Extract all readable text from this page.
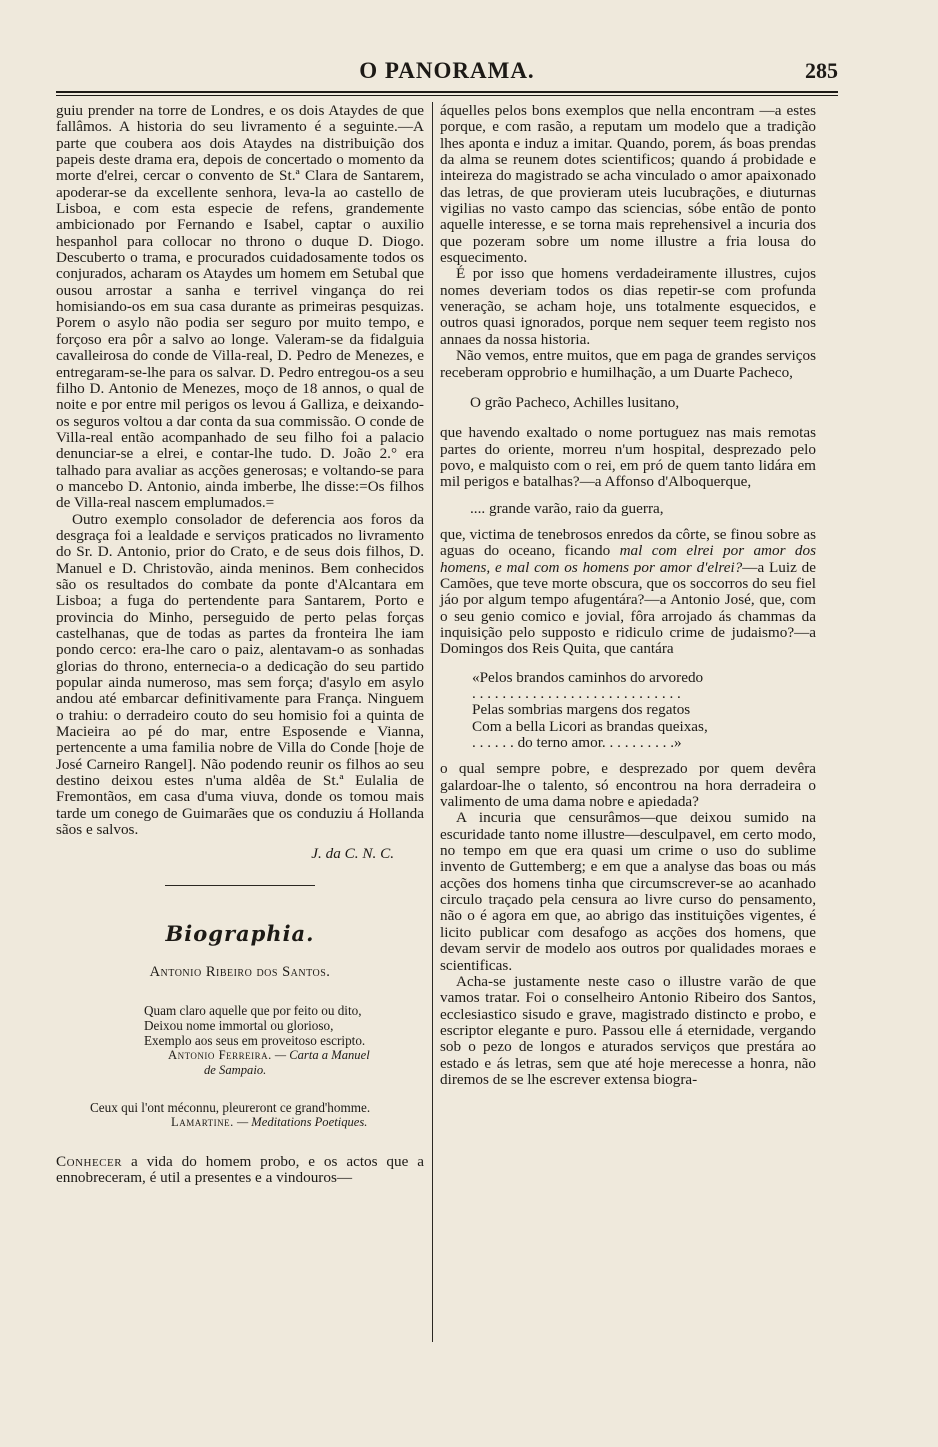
O PANORAMA.	285

guiu prender na torre de Londres, e os dois Ataydes de que fallâmos. A historia do seu livramento é a seguinte.—A parte que coubera aos dois Ataydes na distribuição dos papeis deste drama era, depois de concertado o momento da morte d'elrei, cercar o convento de St.ª Clara de Santarem, apoderar-se da excellente senhora, leva-la ao castello de Lisboa, e com esta especie de refens, grandemente ambicionado por Fernando e Isabel, captar o auxilio hespanhol para collocar no throno o duque D. Diogo. Descuberto o trama, e procurados cuidadosamente todos os conjurados, acharam os Ataydes um homem em Setubal que ousou arrostar a sanha e terrivel vingança do rei homisiando-os em sua casa durante as primeiras pesquizas. Porem o asylo não podia ser seguro por muito tempo, e forçoso era pôr a salvo ao longe. Valeram-se da fidalguia cavalleirosa do conde de Villa-real, D. Pedro de Menezes, e entregaram-se-lhe para os salvar. D. Pedro entregou-os a seu filho D. Antonio de Menezes, moço de 18 annos, o qual de noite e por entre mil perigos os levou á Galliza, e deixando-os seguros voltou a dar conta da sua commissão. O conde de Villa-real então acompanhado de seu filho foi a palacio denunciar-se a elrei, e contar-lhe tudo. D. João 2.° era talhado para avaliar as acções generosas; e voltando-se para o mancebo D. Antonio, ainda imberbe, lhe disse:=Os filhos de Villa-real nascem emplumados.=

Outro exemplo consolador de deferencia aos foros da desgraça foi a lealdade e serviços praticados no livramento do Sr. D. Antonio, prior do Crato, e de seus dois filhos, D. Manuel e D. Christovão, ainda meninos. Bem conhecidos são os resultados do combate da ponte d'Alcantara em Lisboa; a fuga do pertendente para Santarem, Porto e provincia do Minho, perseguido de perto pelas forças castelhanas, que de todas as partes da fronteira lhe iam pondo cerco: era-lhe caro o paiz, alentavam-o as sonhadas glorias do throno, enternecia-o a dedicação do seu partido popular ainda numeroso, mas sem força; d'asylo em asylo andou até embarcar definitivamente para França. Ninguem o trahiu: o derradeiro couto do seu homisio foi a quinta de Macieira ao pé do mar, entre Esposende e Vianna, pertencente a uma familia nobre de Villa do Conde [hoje de José Carneiro Rangel]. Não podendo reunir os filhos ao seu destino deixou estes n'uma aldêa de St.ª Eulalia de Fremontãos, em casa d'uma viuva, donde os tomou mais tarde um conego de Guimarães que os conduziu á Hollanda sãos e salvos.

J. da C. N. C.

Biographia.

Antonio Ribeiro dos Santos.

Quam claro aquelle que por feito ou dito,

Deixou nome immortal ou glorioso,

Exemplo aos seus em proveitoso escripto.

Antonio Ferreira. — Carta a Manuel

de Sampaio.

Ceux qui l'ont méconnu, pleureront ce grand'homme.

Lamartine. — Meditations Poetiques.

Conhecer a vida do homem probo, e os actos que a ennobreceram, é util a presentes e a vindouros—

áquelles pelos bons exemplos que nella encontram —a estes porque, e com rasão, a reputam um modelo que a tradição lhes aponta e induz a imitar. Quando, porem, ás boas prendas da alma se reunem dotes scientificos; quando á probidade e inteireza do magistrado se acha vinculado o amor apaixonado das letras, de que provieram uteis lucubrações, e diuturnas vigilias no vasto campo das sciencias, sóbe então de ponto aquelle interesse, e se torna mais reprehensivel a incuria dos que pozeram sobre um nome illustre a fria lousa do esquecimento.

É por isso que homens verdadeiramente illustres, cujos nomes deveriam todos os dias repetir-se com profunda veneração, se acham hoje, uns totalmente esquecidos, e outros quasi ignorados, porque nem sequer teem registo nos annaes da nossa historia.

Não vemos, entre muitos, que em paga de grandes serviços receberam opprobrio e humilhação, a um Duarte Pacheco,

O grão Pacheco, Achilles lusitano,

que havendo exaltado o nome portuguez nas mais remotas partes do oriente, morreu n'um hospital, desprezado pelo povo, e malquisto com o rei, em pró de quem tanto lidára em mil perigos e batalhas?—a Affonso d'Alboquerque,

.... grande varão, raio da guerra,

que, victima de tenebrosos enredos da côrte, se finou sobre as aguas do oceano, ficando mal com elrei por amor dos homens, e mal com os homens por amor d'elrei?—a Luiz de Camões, que teve morte obscura, que os soccorros do seu fiel jáo por algum tempo afugentára?—a Antonio José, que, com o seu genio comico e jovial, fôra arrojado ás chammas da inquisição pelo supposto e ridiculo crime de judaismo?—a Domingos dos Reis Quita, que cantára

«Pelos brandos caminhos do arvoredo
. . . . . . . . . . . . . . . . . . . . . . . . . . . .
Pelas sombrias margens dos regatos
Com a bella Licori as brandas queixas,
. . . . . . do terno amor. . . . . . . . . .»

o qual sempre pobre, e desprezado por quem devêra galardoar-lhe o talento, só encontrou na hora derradeira o valimento de uma dama nobre e apiedada?

A incuria que censurâmos—que deixou sumido na escuridade tanto nome illustre—desculpavel, em certo modo, no tempo em que era quasi um crime o uso do sublime invento de Guttemberg; e em que a analyse das boas ou más acções dos homens tinha que circumscrever-se ao acanhado circulo traçado pela censura ao livre curso do pensamento, não o é agora em que, ao abrigo das instituições vigentes, é licito publicar com desafogo as acções dos homens, que devam servir de modelo aos outros por qualidades moraes e scientificas.

Acha-se justamente neste caso o illustre varão de que vamos tratar. Foi o conselheiro Antonio Ribeiro dos Santos, ecclesiastico sisudo e grave, magistrado distincto e probo, e escriptor elegante e puro. Passou elle á eternidade, vergando sob o pezo de longos e aturados serviços que prestára ao estado e ás letras, sem que até hoje merecesse a honra, não diremos de se lhe escrever extensa biogra-
